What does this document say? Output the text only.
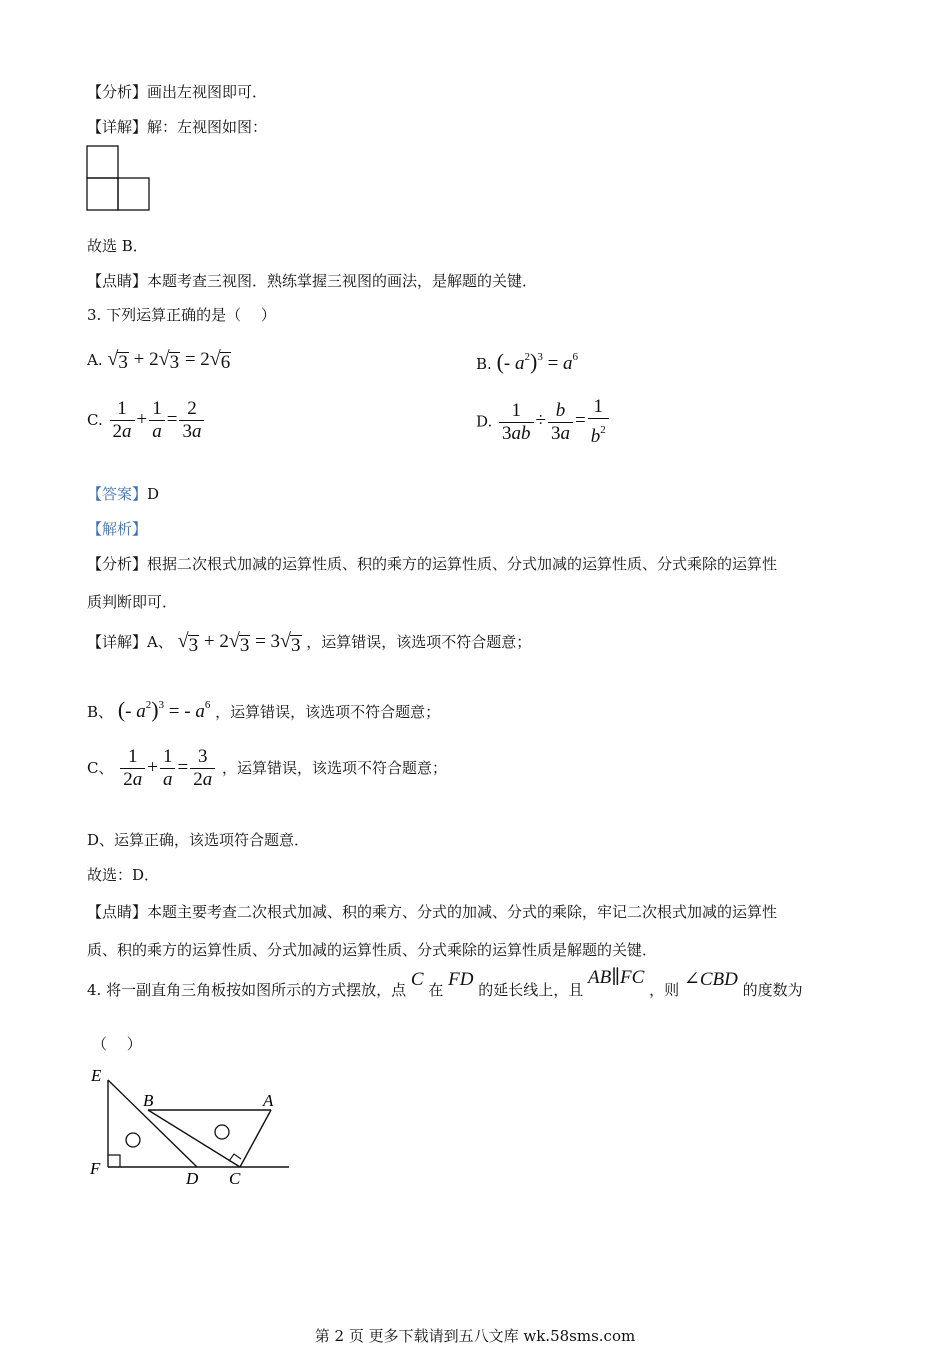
【分析】画出左视图即可．
【详解】解：左视图如图：
故选 B．
【点睛】本题考查三视图．熟练掌握三视图的画法，是解题的关键．
3. 下列运算正确的是（　 ）
A. √ 3 + 2 √ 3 = 2 √ 6	B. (- $a^2)^3 = a^6$
C. $\frac{1}{2a} + \frac{1}{a} = \frac{2}{3a}$	D. $\frac{1}{3ab} \div \frac{b}{3a} = \frac{1}{b^2}$
【答案】D
【解析】
【分析】根据二次根式加减的运算性质、积的乘方的运算性质、分式加减的运算性质、分式乘除的运算性
质判断即可．
【详解】A、 √ 3 + 2 √ 3 = 3 √ 3 ，运算错误，该选项不符合题意；
B、 (- $a^2)^3$ = - $a^6$ ，运算错误，该选项不符合题意；
C、 $\frac{1}{2a} + \frac{1}{a} = \frac{3}{2a}$ ，运算错误，该选项不符合题意；
D、运算正确，该选项符合题意．
故选：D．
【点睛】本题主要考查二次根式加减、积的乘方、分式的加减、分式的乘除，牢记二次根式加减的运算性
质、积的乘方的运算性质、分式加减的运算性质、分式乘除的运算性质是解题的关键．
4. 将一副直角三角板按如图所示的方式摆放，点 C 在 FD 的延长线上，且 AB∥FC ，则 ∠CBD 的度数为
（　 ）
E
B	A
F
D C
第 2 页 更多下载请到五八文库 wk.58sms.com
